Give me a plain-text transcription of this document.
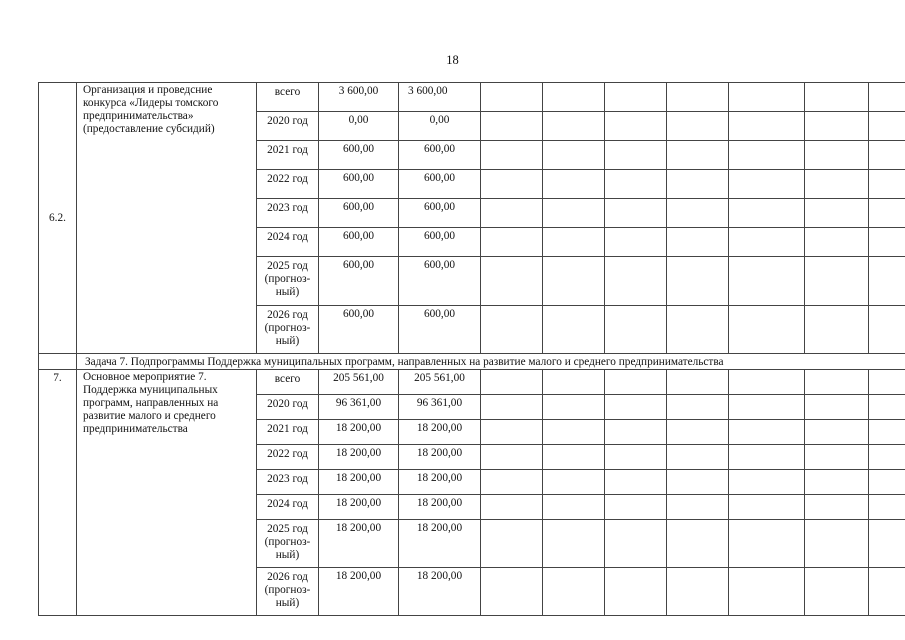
18
6.2.	Организация и проведсние конкурса «Лидеры томского предпринимательства» (предоставление субсидий)	всего	3 600,00	3 600,00							
		2020 год	0,00	0,00							
		2021 год	600,00	600,00							
		2022 год	600,00	600,00							
		2023 год	600,00	600,00							
		2024 год	600,00	600,00							
		2025 год (прогноз-ный)	600,00	600,00							
		2026 год (прогноз-ный)	600,00	600,00							
	Задача 7. Подпрограммы Поддержка муниципальных программ, направленных на развитие малого и среднего предпринимательства										
7.	Основное мероприятие 7. Поддержка муниципальных программ, направленных на развитие малого и среднего предпринимательства	всего	205 561,00	205 561,00							
		2020 год	96 361,00	96 361,00							
		2021 год	18 200,00	18 200,00							
		2022 год	18 200,00	18 200,00							
		2023 год	18 200,00	18 200,00							
		2024 год	18 200,00	18 200,00							
		2025 год (прогноз-ный)	18 200,00	18 200,00							
		2026 год (прогноз-ный)	18 200,00	18 200,00							
